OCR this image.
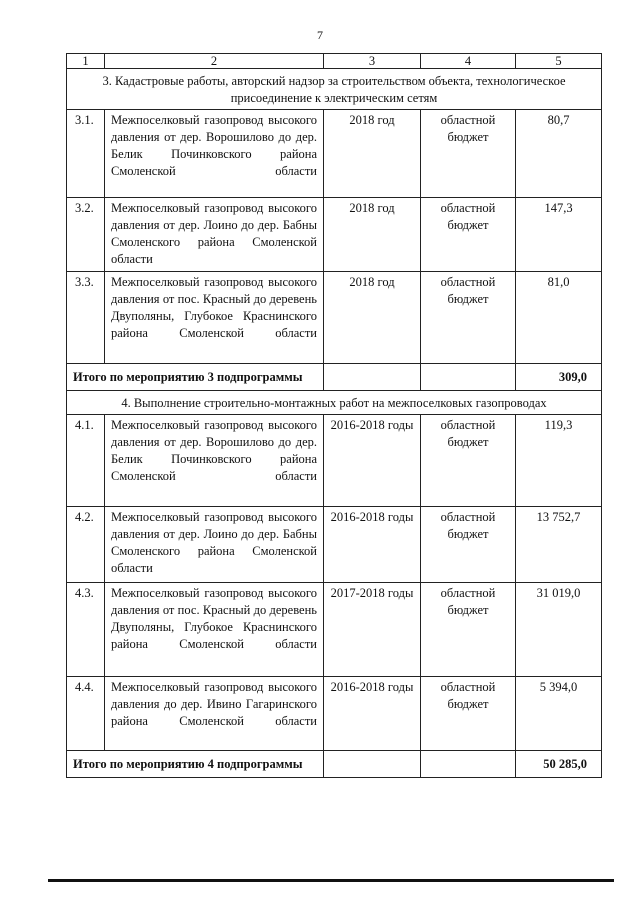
7
1	2	3	4	5
3. Кадастровые работы, авторский надзор за строительством объекта, технологическое присоединение к электрическим сетям				
3.1.	Межпоселковый газопровод высокого давления от дер. Ворошилово до дер. Белик Починковского района Смоленской области	2018 год	областной бюджет	80,7
3.2.	Межпоселковый газопровод высокого давления от дер. Лоино до дер. Бабны Смоленского района Смоленской области	2018 год	областной бюджет	147,3
3.3.	Межпоселковый газопровод высокого давления от пос. Красный до деревень Двуполяны, Глубокое Краснинского района Смоленской области	2018 год	областной бюджет	81,0
Итого по мероприятию 3 подпрограммы				309,0
4. Выполнение строительно-монтажных работ на межпоселковых газопроводах				
4.1.	Межпоселковый газопровод высокого давления от дер. Ворошилово до дер. Белик Починковского района Смоленской области	2016-2018 годы	областной бюджет	119,3
4.2.	Межпоселковый газопровод высокого давления от дер. Лоино до дер. Бабны Смоленского района Смоленской области	2016-2018 годы	областной бюджет	13 752,7
4.3.	Межпоселковый газопровод высокого давления от пос. Красный до деревень Двуполяны, Глубокое Краснинского района Смоленской области	2017-2018 годы	областной бюджет	31 019,0
4.4.	Межпоселковый газопровод высокого давления до дер. Ивино Гагаринского района Смоленской области	2016-2018 годы	областной бюджет	5 394,0
Итого по мероприятию 4 подпрограммы				50 285,0
